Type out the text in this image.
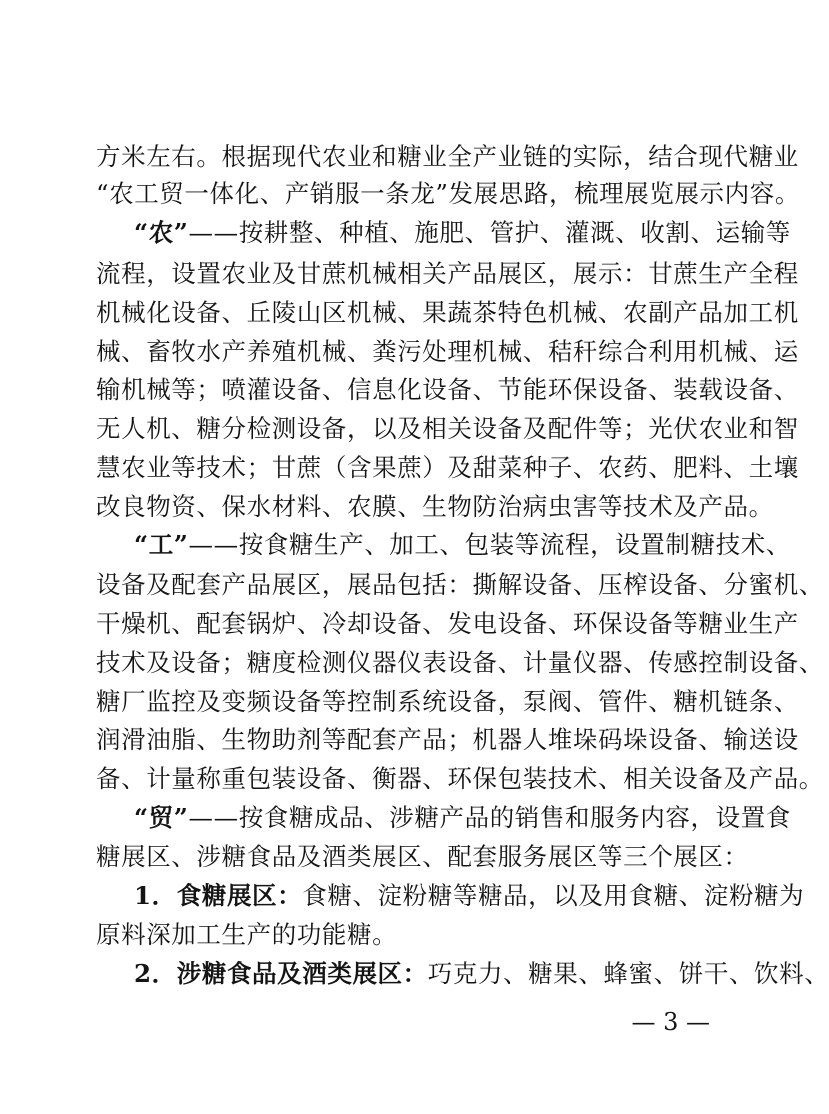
方米左右。根据现代农业和糖业全产业链的实际，结合现代糖业
“农工贸一体化、产销服一条龙”发展思路，梳理展览展示内容。
“农”——按耕整、种植、施肥、管护、灌溉、收割、运输等
流程，设置农业及甘蔗机械相关产品展区，展示：甘蔗生产全程
机械化设备、丘陵山区机械、果蔬茶特色机械、农副产品加工机
械、畜牧水产养殖机械、粪污处理机械、秸秆综合利用机械、运
输机械等；喷灌设备、信息化设备、节能环保设备、装载设备、
无人机、糖分检测设备，以及相关设备及配件等；光伏农业和智
慧农业等技术；甘蔗（含果蔗）及甜菜种子、农药、肥料、土壤
改良物资、保水材料、农膜、生物防治病虫害等技术及产品。
“工”——按食糖生产、加工、包装等流程，设置制糖技术、
设备及配套产品展区，展品包括：撕解设备、压榨设备、分蜜机、
干燥机、配套锅炉、冷却设备、发电设备、环保设备等糖业生产
技术及设备；糖度检测仪器仪表设备、计量仪器、传感控制设备、
糖厂监控及变频设备等控制系统设备，泵阀、管件、糖机链条、
润滑油脂、生物助剂等配套产品；机器人堆垛码垛设备、输送设
备、计量称重包装设备、衡器、环保包装技术、相关设备及产品。
“贸”——按食糖成品、涉糖产品的销售和服务内容，设置食
糖展区、涉糖食品及酒类展区、配套服务展区等三个展区：
1．食糖展区：食糖、淀粉糖等糖品，以及用食糖、淀粉糖为
原料深加工生产的功能糖。
2．涉糖食品及酒类展区：巧克力、糖果、蜂蜜、饼干、饮料、
— 3 —
